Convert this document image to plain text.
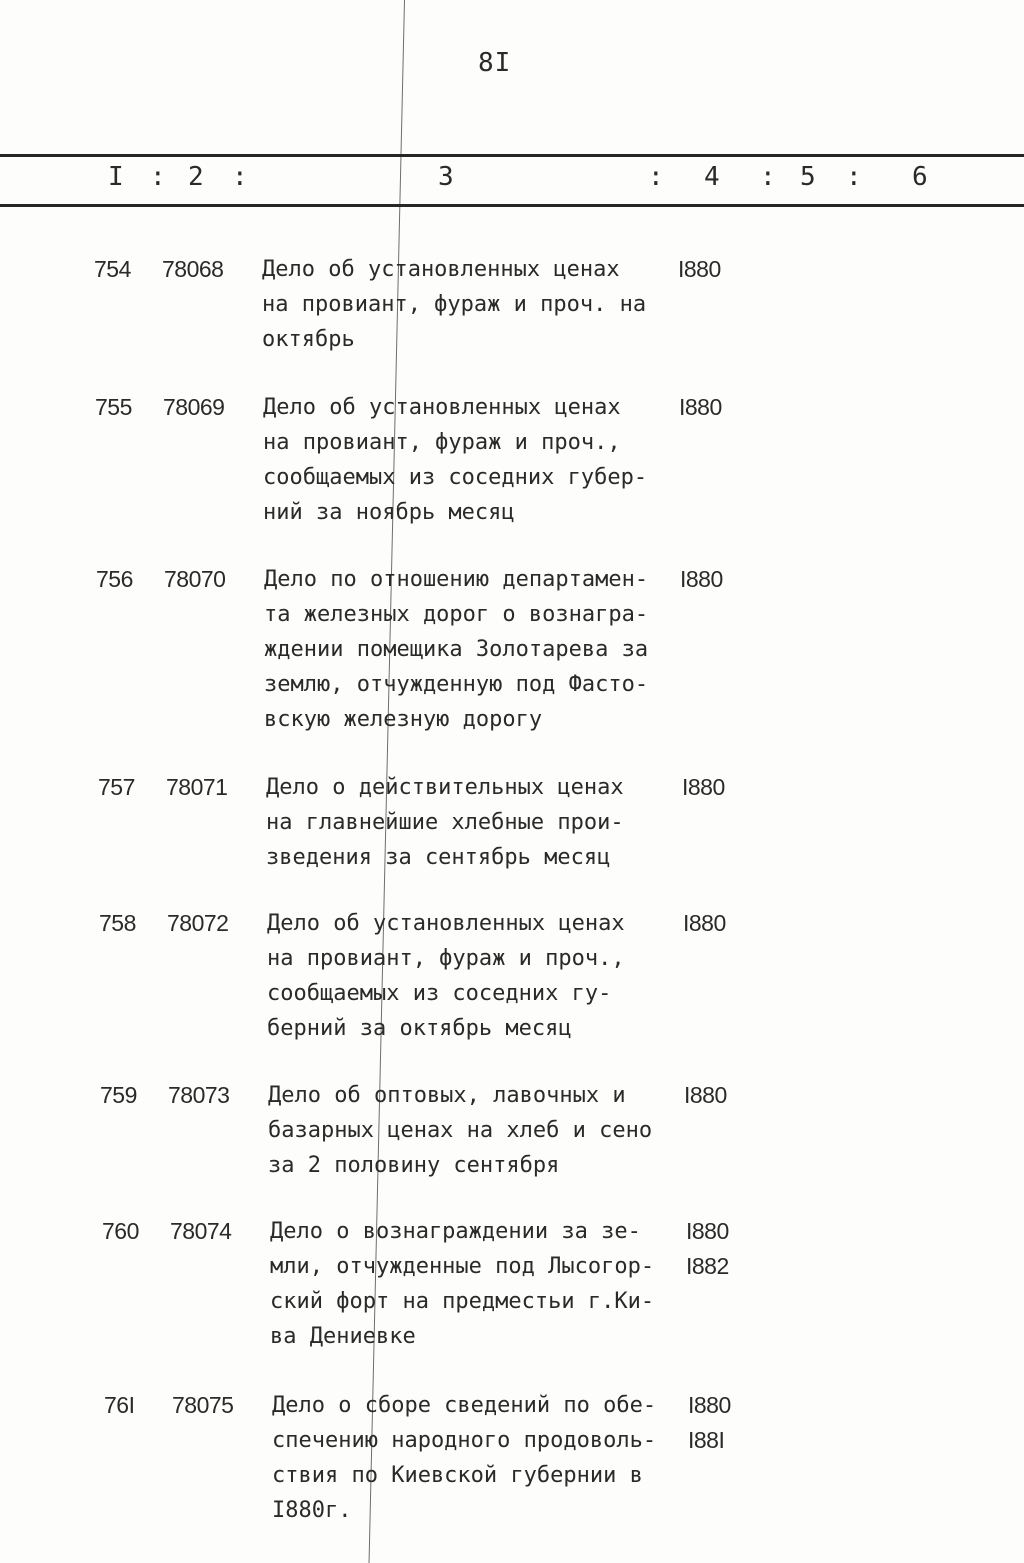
8I
I : 2 :	3	: 4 : 5 : 6
754 78068 Дело об установленных ценах
на провиант, фураж и проч. на
октябрь
I880
755 78069 Дело об установленных ценах
на провиант, фураж и проч.,
сообщаемых из соседних губер-
ний за ноябрь месяц
I880
756 78070 Дело по отношению департамен-
та железных дорог о вознагра-
ждении помещика Золотарева за
землю, отчужденную под Фасто-
вскую железную дорогу
I880
757 78071 Дело о действительных ценах
на главнейшие хлебные прои-
зведения за сентябрь месяц
I880
758 78072 Дело об установленных ценах
на провиант, фураж и проч.,
сообщаемых из соседних гу-
берний за октябрь месяц
I880
759 78073 Дело об оптовых, лавочных и
базарных ценах на хлеб и сено
за 2 половину сентября
I880
760 78074 Дело о вознаграждении за зе-
мли, отчужденные под Лысогор-
ский форт на предместьи г.Ки-
ва Дениевке
I880
I882
76I 78075 Дело о сборе сведений по обе-
спечению народного продоволь-
ствия по Киевской губернии в
I880г.
I880
I88I
